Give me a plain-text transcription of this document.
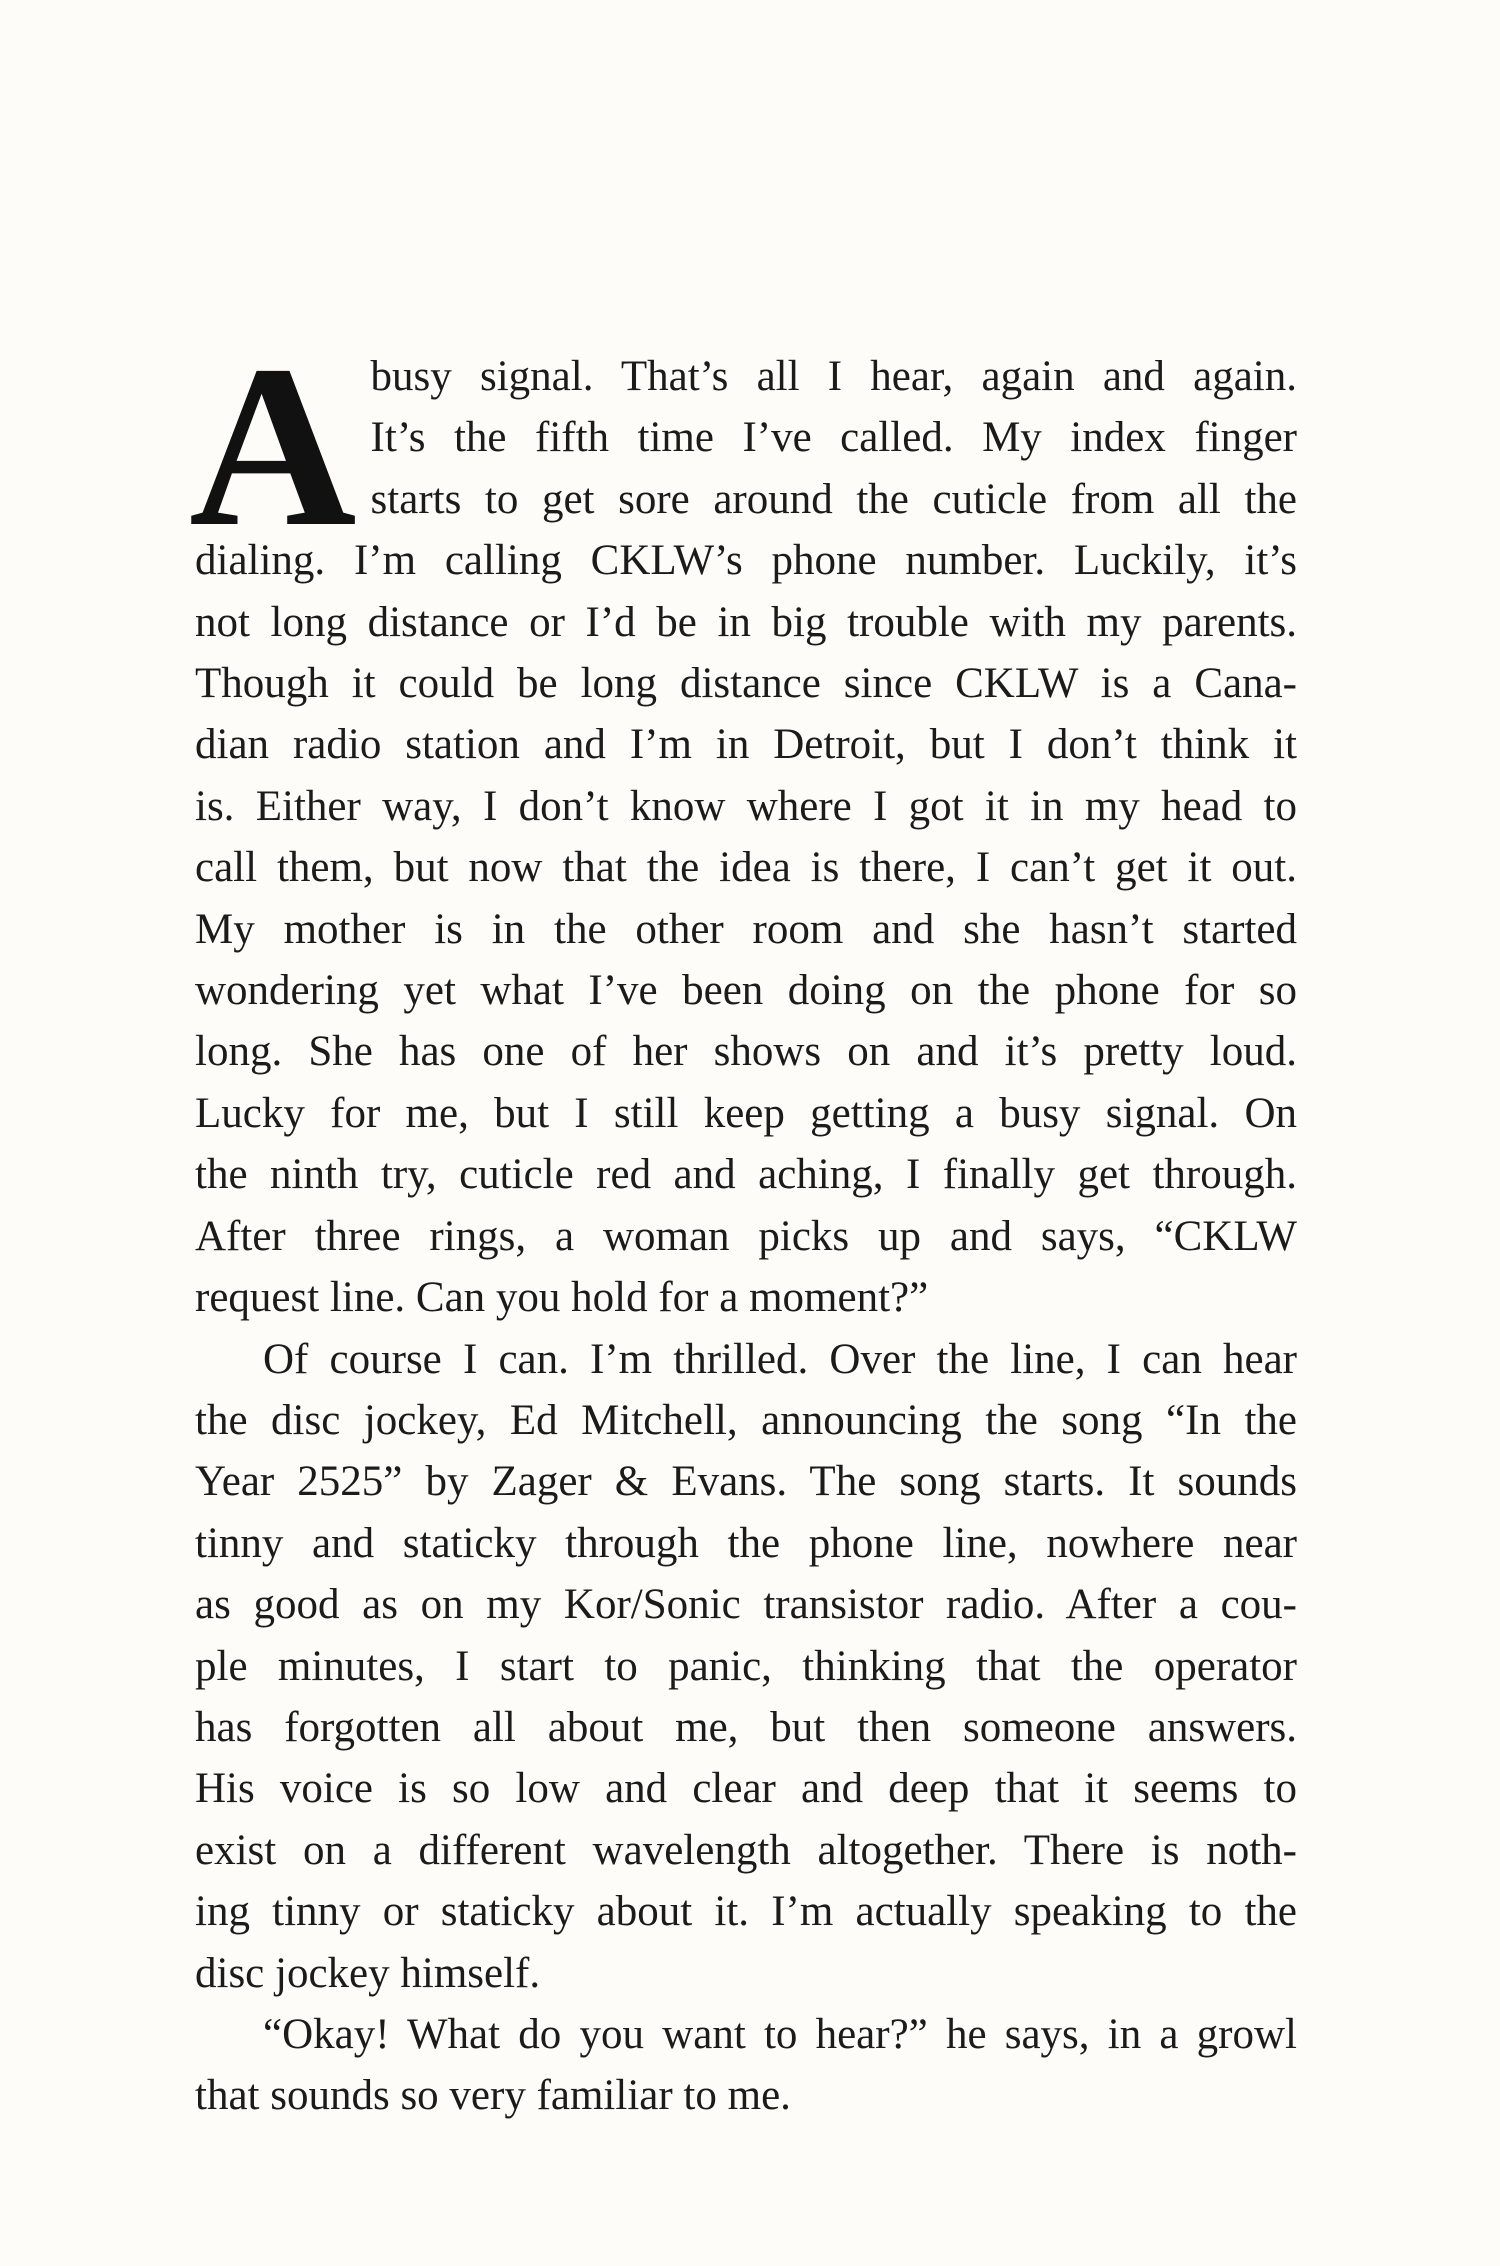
A busy signal. That’s all I hear, again and again.
It’s the fifth time I’ve called. My index finger
starts to get sore around the cuticle from all the
dialing. I’m calling CKLW’s phone number. Luckily, it’s
not long distance or I’d be in big trouble with my parents.
Though it could be long distance since CKLW is a Cana-
dian radio station and I’m in Detroit, but I don’t think it
is. Either way, I don’t know where I got it in my head to
call them, but now that the idea is there, I can’t get it out.
My mother is in the other room and she hasn’t started
wondering yet what I’ve been doing on the phone for so
long. She has one of her shows on and it’s pretty loud.
Lucky for me, but I still keep getting a busy signal. On
the ninth try, cuticle red and aching, I finally get through.
After three rings, a woman picks up and says, “CKLW
request line. Can you hold for a moment?”
Of course I can. I’m thrilled. Over the line, I can hear
the disc jockey, Ed Mitchell, announcing the song “In the
Year 2525” by Zager & Evans. The song starts. It sounds
tinny and staticky through the phone line, nowhere near
as good as on my Kor/Sonic transistor radio. After a cou-
ple minutes, I start to panic, thinking that the operator
has forgotten all about me, but then someone answers.
His voice is so low and clear and deep that it seems to
exist on a different wavelength altogether. There is noth-
ing tinny or staticky about it. I’m actually speaking to the
disc jockey himself.
“Okay! What do you want to hear?” he says, in a growl
that sounds so very familiar to me.
